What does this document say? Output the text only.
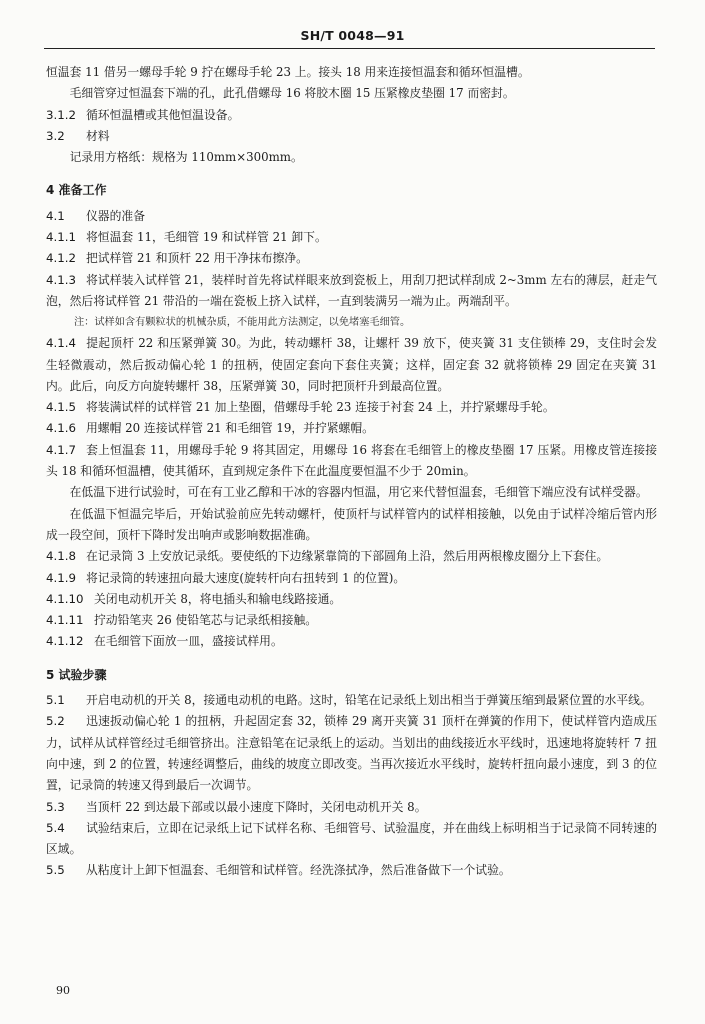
SH/T 0048—91

恒温套 11 借另一螺母手轮 9 拧在螺母手轮 23 上。接头 18 用来连接恒温套和循环恒温槽。

毛细管穿过恒温套下端的孔，此孔借螺母 16 将胶木圈 15 压紧橡皮垫圈 17 而密封。

3.1.2 循环恒温槽或其他恒温设备。

3.2 材料

记录用方格纸：规格为 110mm×300mm。

4 准备工作

4.1 仪器的准备

4.1.1 将恒温套 11，毛细管 19 和试样管 21 卸下。

4.1.2 把试样管 21 和顶杆 22 用干净抹布擦净。

4.1.3 将试样装入试样管 21，装样时首先将试样眼来放到瓷板上，用刮刀把试样刮成 2~3mm 左右的薄层，赶走气泡，然后将试样管 21 带沿的一端在瓷板上挤入试样，一直到装满另一端为止。两端刮平。

注：试样如含有颗粒状的机械杂质，不能用此方法测定，以免堵塞毛细管。

4.1.4 提起顶杆 22 和压紧弹簧 30。为此，转动螺杆 38，让螺杆 39 放下，使夹簧 31 支住锁棒 29，支住时会发生轻微震动，然后扳动偏心轮 1 的扭柄，使固定套向下套住夹簧；这样，固定套 32 就将锁棒 29 固定在夹簧 31 内。此后，向反方向旋转螺杆 38，压紧弹簧 30，同时把顶杆升到最高位置。

4.1.5 将装满试样的试样管 21 加上垫圈，借螺母手轮 23 连接于衬套 24 上，并拧紧螺母手轮。

4.1.6 用螺帽 20 连接试样管 21 和毛细管 19，并拧紧螺帽。

4.1.7 套上恒温套 11，用螺母手轮 9 将其固定，用螺母 16 将套在毛细管上的橡皮垫圈 17 压紧。用橡皮管连接接头 18 和循环恒温槽，使其循环，直到规定条件下在此温度要恒温不少于 20min。

在低温下进行试验时，可在有工业乙醇和干冰的容器内恒温，用它来代替恒温套，毛细管下端应没有试样受器。

在低温下恒温完毕后，开始试验前应先转动螺杆，使顶杆与试样管内的试样相接触，以免由于试样冷缩后管内形成一段空间，顶杆下降时发出响声或影响数据准确。

4.1.8 在记录筒 3 上安放记录纸。要使纸的下边缘紧靠筒的下部圆角上沿，然后用两根橡皮圈分上下套住。

4.1.9 将记录筒的转速扭向最大速度(旋转杆向右扭转到 1 的位置)。

4.1.10 关闭电动机开关 8，将电插头和输电线路接通。

4.1.11 拧动铅笔夹 26 使铅笔芯与记录纸相接触。

4.1.12 在毛细管下面放一皿，盛接试样用。

5 试验步骤

5.1 开启电动机的开关 8，接通电动机的电路。这时，铅笔在记录纸上划出相当于弹簧压缩到最紧位置的水平线。

5.2 迅速扳动偏心轮 1 的扭柄，升起固定套 32，锁棒 29 离开夹簧 31 顶杆在弹簧的作用下，使试样管内造成压力，试样从试样管经过毛细管挤出。注意铅笔在记录纸上的运动。当划出的曲线接近水平线时，迅速地将旋转杆 7 扭向中速，到 2 的位置，转速经调整后，曲线的坡度立即改变。当再次接近水平线时，旋转杆扭向最小速度，到 3 的位置，记录筒的转速又得到最后一次调节。

5.3 当顶杆 22 到达最下部或以最小速度下降时，关闭电动机开关 8。

5.4 试验结束后，立即在记录纸上记下试样名称、毛细管号、试验温度，并在曲线上标明相当于记录筒不同转速的区域。

5.5 从粘度计上卸下恒温套、毛细管和试样管。经洗涤拭净，然后准备做下一个试验。

90
